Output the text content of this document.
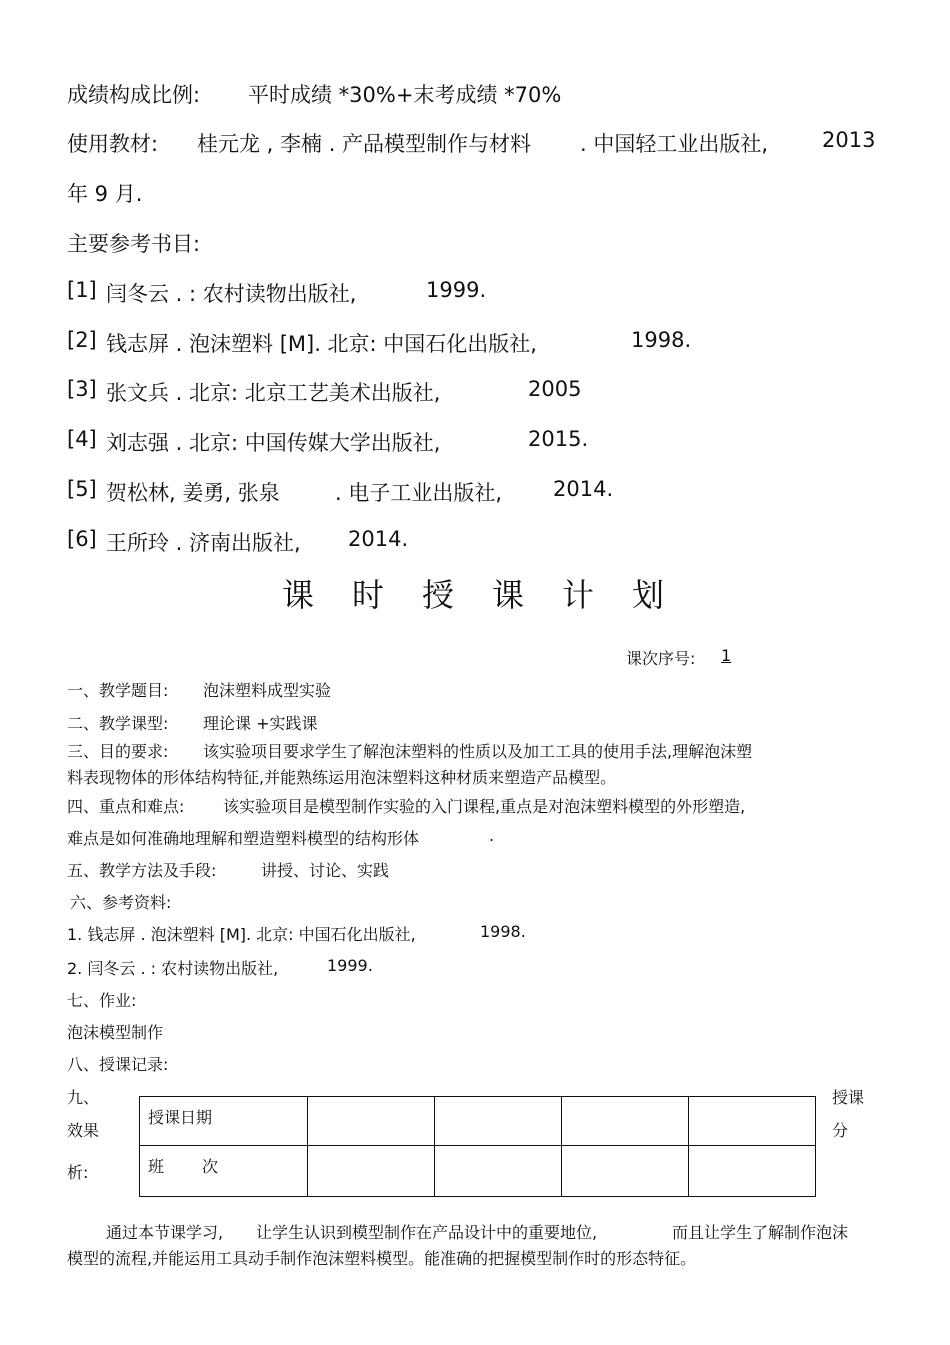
成绩构成比例: 平时成绩 *30%+末考成绩 *70%
使用教材: 桂元龙 , 李楠 . 产品模型制作与材料 . 中国轻工业出版社,	2013
年 9 月.
主要参考书目:
[1] 闫冬云 . : 农村读物出版社,	1999.
[2] 钱志屏 . 泡沫塑料 [M]. 北京: 中国石化出版社,	1998.
[3] 张文兵 . 北京: 北京工艺美术出版社,	2005
[4] 刘志强 . 北京: 中国传媒大学出版社,	2015.
[5] 贺松林, 姜勇, 张泉	. 电子工业出版社, 2014.
[6] 王所玲 . 济南出版社, 2014.
课 时 授 课 计 划
课次序号: 1
一、教学题目: 泡沫塑料成型实验
二、教学课型: 理论课 +实践课
三、目的要求: 该实验项目要求学生了解泡沫塑料的性质以及加工工具的使用手法,理解泡沫塑
料表现物体的形体结构特征,并能熟练运用泡沫塑料这种材质来塑造产品模型。
四、重点和难点: 该实验项目是模型制作实验的入门课程,重点是对泡沫塑料模型的外形塑造,
难点是如何准确地理解和塑造塑料模型的结构形体	.
五、教学方法及手段:	讲授、讨论、实践
六、参考资料:
1. 钱志屏 . 泡沫塑料 [M]. 北京: 中国石化出版社,	1998.
2. 闫冬云 . : 农村读物出版社,	1999.
七、作业:
泡沫模型制作
八、授课记录:
九、
效果
析:
授课
分
授课日期				
班 次				
通过本节课学习, 让学生认识到模型制作在产品设计中的重要地位,	而且让学生了解制作泡沫
模型的流程,并能运用工具动手制作泡沫塑料模型。能准确的把握模型制作时的形态特征。
